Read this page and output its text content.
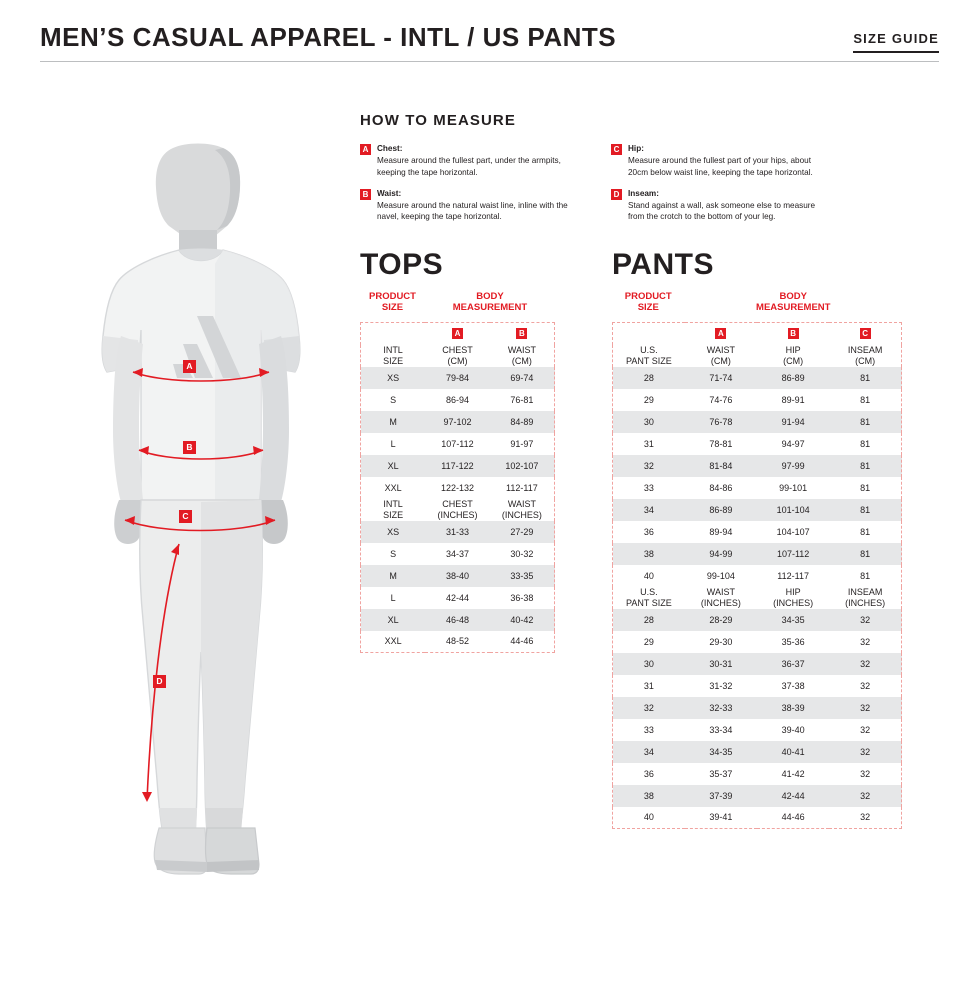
MEN’S CASUAL APPAREL - INTL / US PANTS	SIZE GUIDE
A
B
C
D
HOW TO MEASURE
A	Chest:
Measure around the fullest part, under the armpits, keeping the tape horizontal.
B	Waist:
Measure around the natural waist line, inline with the navel, keeping the tape horizontal.
C	Hip:
Measure around the fullest part of your hips, about 20cm below waist line, keeping the tape horizontal.
D	Inseam:
Stand against a wall, ask someone else to measure from the crotch to the bottom of your leg.
TOPS
PRODUCT
SIZE
BODY
MEASUREMENT
	A	B

INTL
SIZE

CHEST
(CM)

WAIST
(CM)

XS	79-84	69-74
S	86-94	76-81
M	97-102	84-89
L	107-112	91-97
XL	117-122	102-107
XXL	122-132	112-117

INTL
SIZE

CHEST
(INCHES)

WAIST
(INCHES)

XS	31-33	27-29
S	34-37	30-32
M	38-40	33-35
L	42-44	36-38
XL	46-48	40-42
XXL	48-52	44-46
PANTS
PRODUCT
SIZE
BODY
MEASUREMENT
	A	B	C

U.S.
PANT SIZE

WAIST
(CM)

HIP
(CM)

INSEAM
(CM)

28	71-74	86-89	81
29	74-76	89-91	81
30	76-78	91-94	81
31	78-81	94-97	81
32	81-84	97-99	81
33	84-86	99-101	81
34	86-89	101-104	81
36	89-94	104-107	81
38	94-99	107-112	81
40	99-104	112-117	81

U.S.
PANT SIZE

WAIST
(INCHES)

HIP
(INCHES)

INSEAM
(INCHES)

28	28-29	34-35	32
29	29-30	35-36	32
30	30-31	36-37	32
31	31-32	37-38	32
32	32-33	38-39	32
33	33-34	39-40	32
34	34-35	40-41	32
36	35-37	41-42	32
38	37-39	42-44	32
40	39-41	44-46	32
